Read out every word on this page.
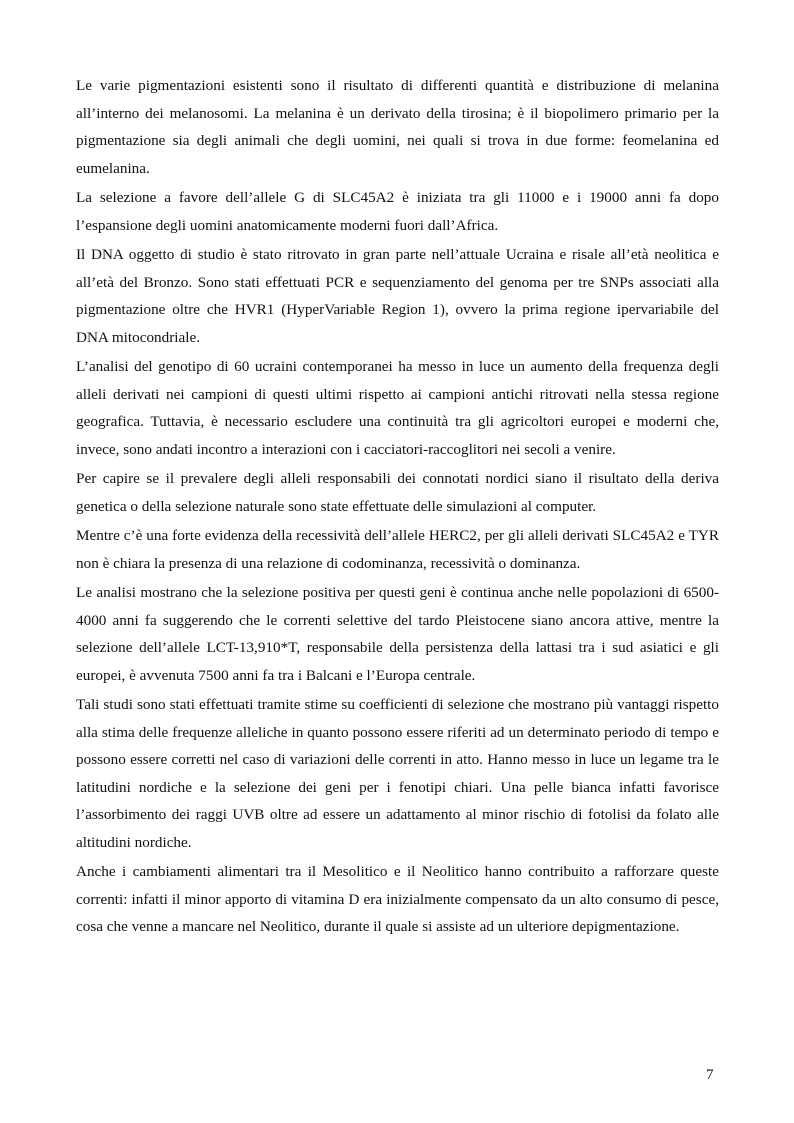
Le varie pigmentazioni esistenti sono il risultato di differenti quantità e distribuzione di melanina all’interno dei melanosomi. La melanina è un derivato della tirosina; è il biopolimero primario per la pigmentazione sia degli animali che degli uomini, nei quali si trova in due forme: feomelanina ed eumelanina.

La selezione a favore dell’allele G di SLC45A2 è iniziata tra gli 11000 e i 19000 anni fa dopo l’espansione degli uomini anatomicamente moderni fuori dall’Africa.

Il DNA oggetto di studio è stato ritrovato in gran parte nell’attuale Ucraina e risale all’età neolitica e all’età del Bronzo. Sono stati effettuati PCR e sequenziamento del genoma per tre SNPs associati alla pigmentazione oltre che HVR1 (HyperVariable Region 1), ovvero la prima regione ipervariabile del DNA mitocondriale.

L’analisi del genotipo di 60 ucraini contemporanei ha messo in luce un aumento della frequenza degli alleli derivati nei campioni di questi ultimi rispetto ai campioni antichi ritrovati nella stessa regione geografica. Tuttavia, è necessario escludere una continuità tra gli agricoltori europei e moderni che, invece, sono andati incontro a interazioni con i cacciatori-raccoglitori nei secoli a venire.

Per capire se il prevalere degli alleli responsabili dei connotati nordici siano il risultato della deriva genetica o della selezione naturale sono state effettuate delle simulazioni al computer.

Mentre c’è una forte evidenza della recessività dell’allele HERC2, per gli alleli derivati SLC45A2 e TYR non è chiara la presenza di una relazione di codominanza, recessività o dominanza.

Le analisi mostrano che la selezione positiva per questi geni è continua anche nelle popolazioni di 6500-4000 anni fa suggerendo che le correnti selettive del tardo Pleistocene siano ancora attive, mentre la selezione dell’allele LCT-13,910*T, responsabile della persistenza della lattasi tra i sud asiatici e gli europei, è avvenuta 7500 anni fa tra i Balcani e l’Europa centrale.

Tali studi sono stati effettuati tramite stime su coefficienti di selezione che mostrano più vantaggi rispetto alla stima delle frequenze alleliche in quanto possono essere riferiti ad un determinato periodo di tempo e possono essere corretti nel caso di variazioni delle correnti in atto. Hanno messo in luce un legame tra le latitudini nordiche e la selezione dei geni per i fenotipi chiari. Una pelle bianca infatti favorisce l’assorbimento dei raggi UVB oltre ad essere un adattamento al minor rischio di fotolisi da folato alle altitudini nordiche.

Anche i cambiamenti alimentari tra il Mesolitico e il Neolitico hanno contribuito a rafforzare queste correnti: infatti il minor apporto di vitamina D era inizialmente compensato da un alto consumo di pesce, cosa che venne a mancare nel Neolitico, durante il quale si assiste ad un ulteriore depigmentazione.

7
